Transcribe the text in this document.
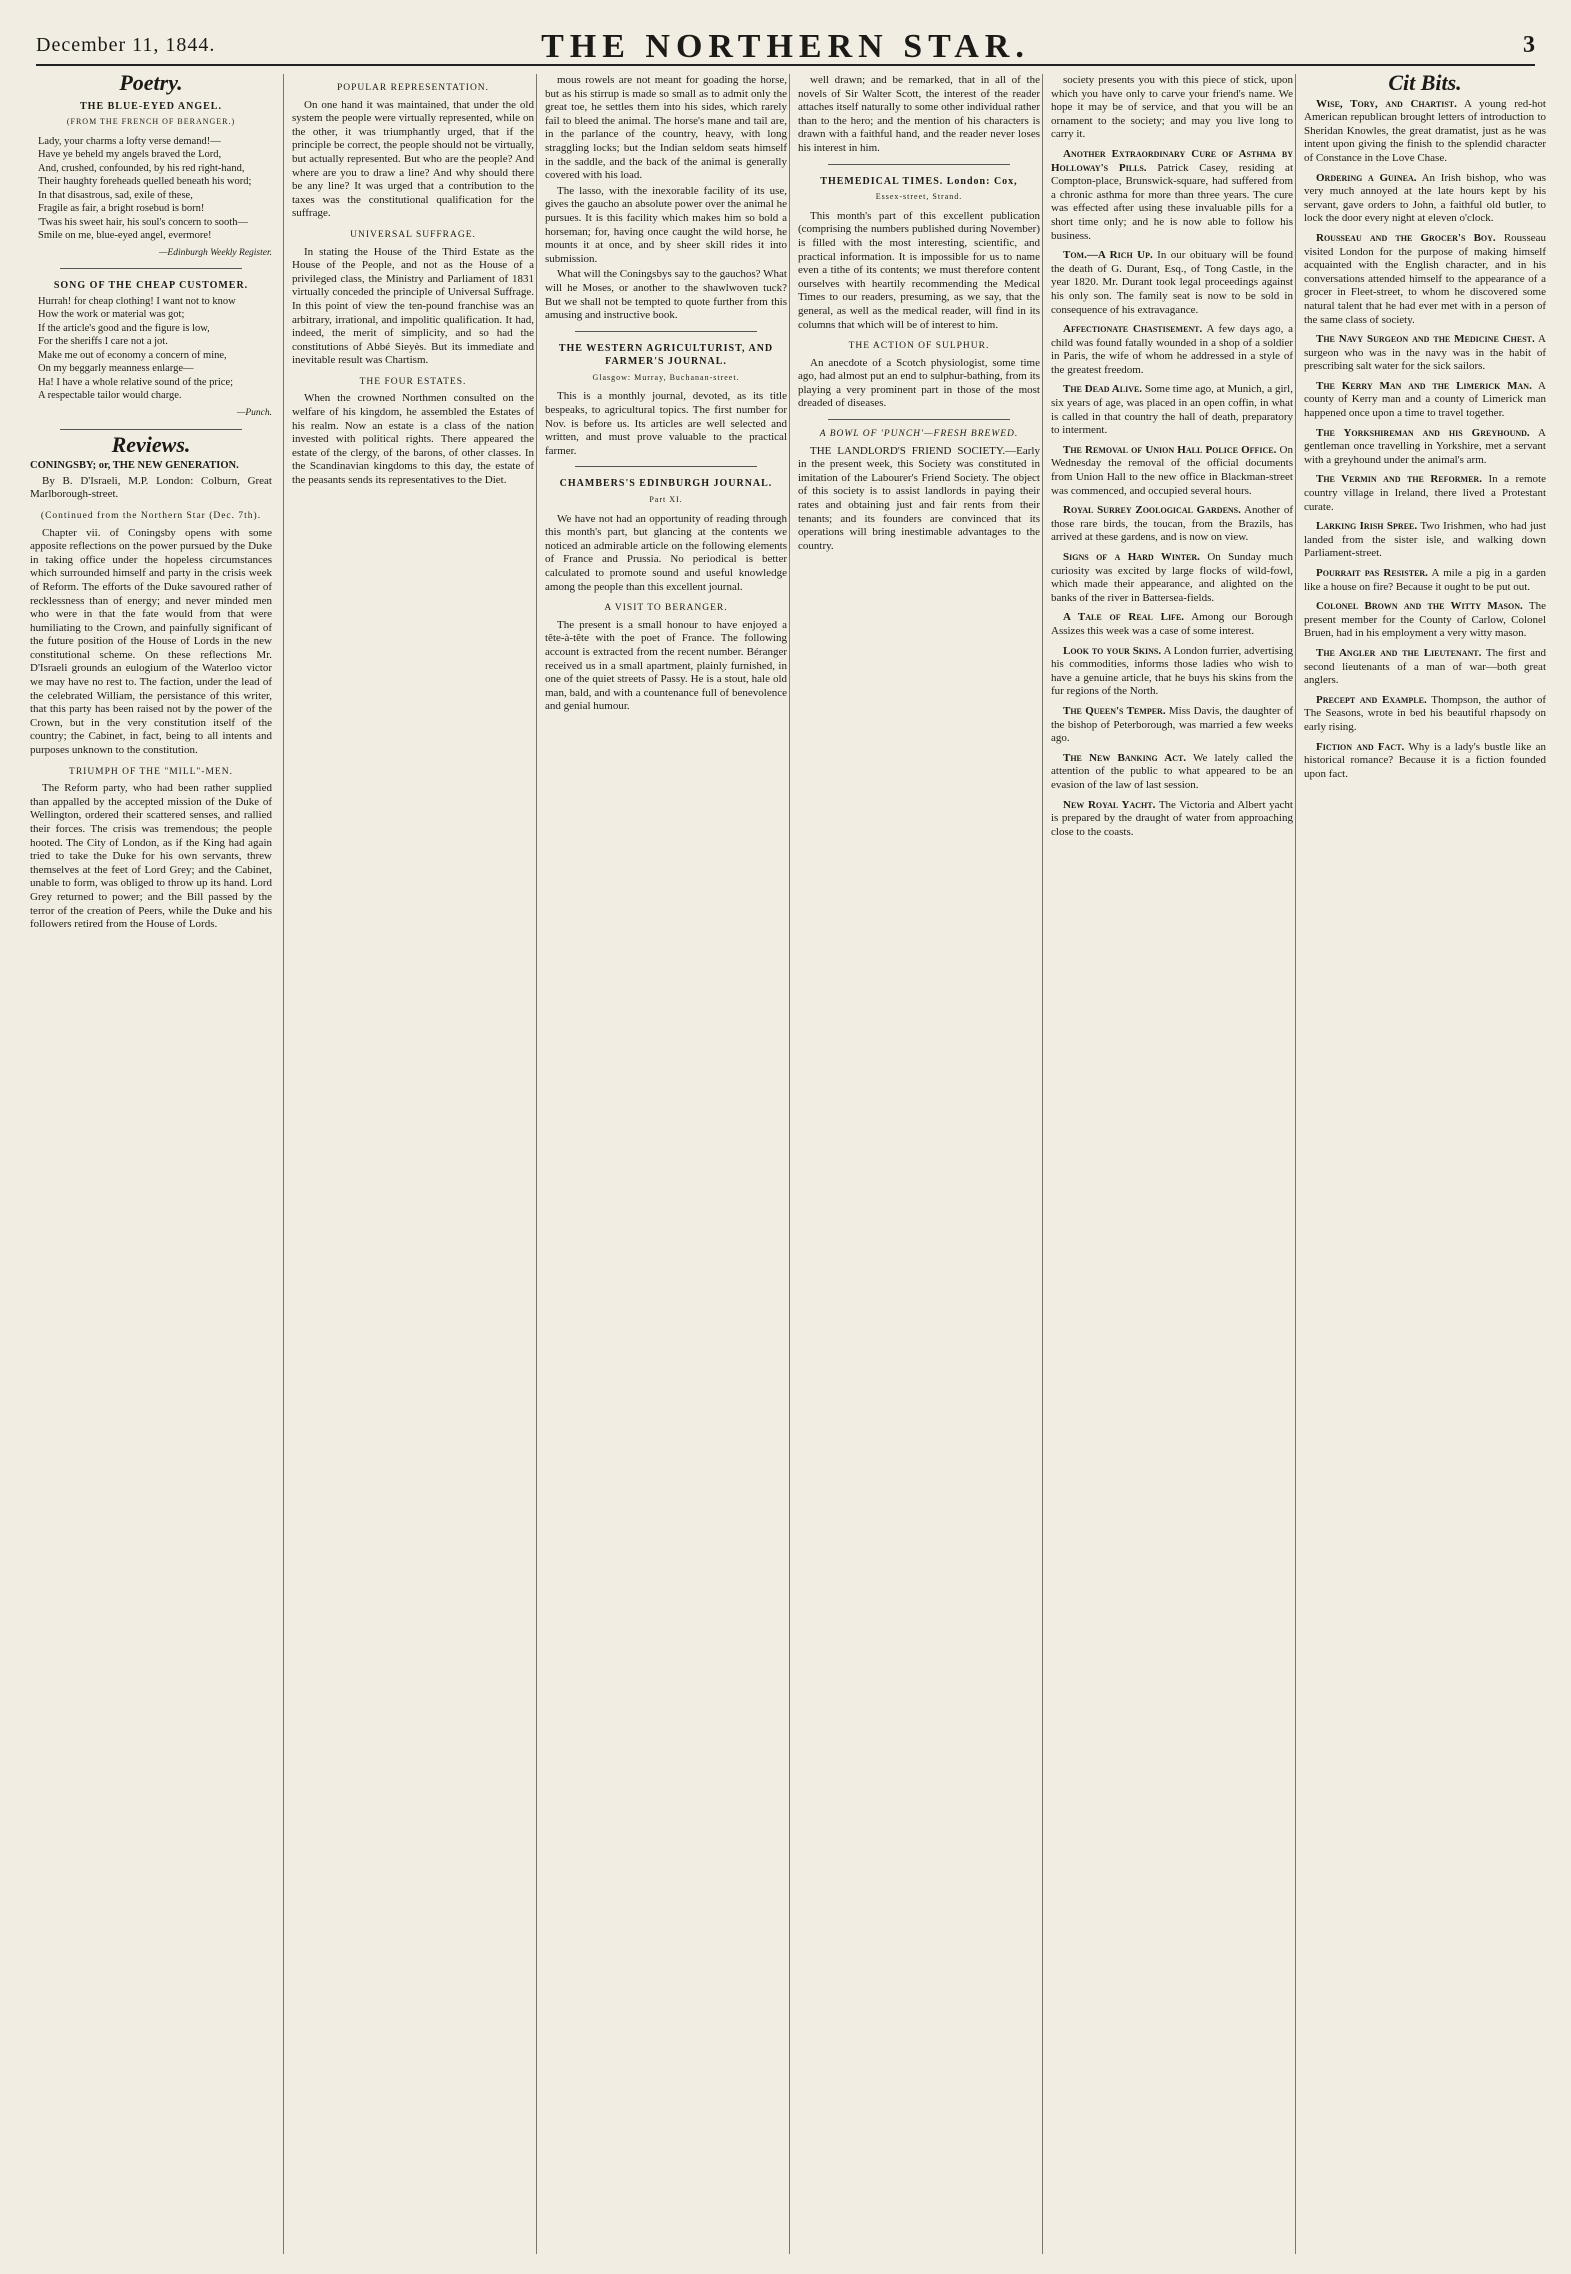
December 11, 1844.	THE NORTHERN STAR.	3
Poetry.
THE BLUE-EYED ANGEL.
(FROM THE FRENCH OF BERANGER.)

Lady, your charms a lofty verse demand!—

Have ye beheld my angels braved the Lord,

And, crushed, confounded, by his red right-hand,

Their haughty foreheads quelled beneath his word;

In that disastrous, sad, exile of these,

Fragile as fair, a bright rosebud is born!

'Twas his sweet hair, his soul's concern to sooth—

Smile on me, blue-eyed angel, evermore!

—Edinburgh Weekly Register.
SONG OF THE CHEAP CUSTOMER.

Hurrah! for cheap clothing! I want not to know

How the work or material was got;

If the article's good and the figure is low,

For the sheriffs I care not a jot.

Make me out of economy a concern of mine,

On my beggarly meanness enlarge—

Ha! I have a whole relative sound of the price;

A respectable tailor would charge.

—Punch.
Reviews.
CONINGSBY; or, THE NEW GENERATION.
By B. D'Israeli, M.P. London: Colburn, Great Marlborough-street.
(Continued from the Northern Star (Dec. 7th).
Chapter vii. of Coningsby opens with some apposite reflections on the power pursued by the Duke in taking office under the hopeless circumstances which surrounded himself and party in the crisis week of Reform. The efforts of the Duke savoured rather of recklessness than of energy; and never minded men who were in that the fate would from that were humiliating to the Crown, and painfully significant of the future position of the House of Lords in the new constitutional scheme. On these reflections Mr. D'Israeli grounds an eulogium of the Waterloo victor we may have no rest to. The faction, under the lead of the celebrated William, the persistance of this writer, that this party has been raised not by the power of the Crown, but in the very constitution itself of the country; the Cabinet, in fact, being to all intents and purposes unknown to the constitution.
TRIUMPH OF THE "MILL"-MEN.
The Reform party, who had been rather supplied than appalled by the accepted mission of the Duke of Wellington, ordered their scattered senses, and rallied their forces. The crisis was tremendous; the people hooted. The City of London, as if the King had again tried to take the Duke for his own servants, threw themselves at the feet of Lord Grey; and the Cabinet, unable to form, was obliged to throw up its hand. Lord Grey returned to power; and the Bill passed by the terror of the creation of Peers, while the Duke and his followers retired from the House of Lords.
POPULAR REPRESENTATION.
On one hand it was maintained, that under the old system the people were virtually represented, while on the other, it was triumphantly urged, that if the principle be correct, the people should not be virtually, but actually represented. But who are the people? And where are you to draw a line? And why should there be any line? It was urged that a contribution to the taxes was the constitutional qualification for the suffrage.
UNIVERSAL SUFFRAGE.
In stating the House of the Third Estate as the House of the People, and not as the House of a privileged class, the Ministry and Parliament of 1831 virtually conceded the principle of Universal Suffrage. In this point of view the ten-pound franchise was an arbitrary, irrational, and impolitic qualification. It had, indeed, the merit of simplicity, and so had the constitutions of Abbé Sieyès. But its immediate and inevitable result was Chartism.
THE FOUR ESTATES.
When the crowned Northmen consulted on the welfare of his kingdom, he assembled the Estates of his realm. Now an estate is a class of the nation invested with political rights. There appeared the estate of the clergy, of the barons, of other classes. In the Scandinavian kingdoms to this day, the estate of the peasants sends its representatives to the Diet.
mous rowels are not meant for goading the horse, but as his stirrup is made so small as to admit only the great toe, he settles them into his sides, which rarely fail to bleed the animal. The horse's mane and tail are, in the parlance of the country, heavy, with long straggling locks; but the Indian seldom seats himself in the saddle, and the back of the animal is generally covered with his load.
The lasso, with the inexorable facility of its use, gives the gaucho an absolute power over the animal he pursues. It is this facility which makes him so bold a horseman; for, having once caught the wild horse, he mounts it at once, and by sheer skill rides it into submission.
What will the Coningsbys say to the gauchos? What will he Moses, or another to the shawlwoven tuck? But we shall not be tempted to quote further from this amusing and instructive book.
THE WESTERN AGRICULTURIST, AND FARMER'S JOURNAL.
Glasgow: Murray, Buchanan-street.
This is a monthly journal, devoted, as its title bespeaks, to agricultural topics. The first number for Nov. is before us. Its articles are well selected and written, and must prove valuable to the practical farmer.
CHAMBERS'S EDINBURGH JOURNAL.
Part XI.
We have not had an opportunity of reading through this month's part, but glancing at the contents we noticed an admirable article on the following elements of France and Prussia. No periodical is better calculated to promote sound and useful knowledge among the people than this excellent journal.
A VISIT TO BERANGER.
The present is a small honour to have enjoyed a tête-à-tête with the poet of France. The following account is extracted from the recent number. Béranger received us in a small apartment, plainly furnished, in one of the quiet streets of Passy. He is a stout, hale old man, bald, and with a countenance full of benevolence and genial humour.
well drawn; and be remarked, that in all of the novels of Sir Walter Scott, the interest of the reader attaches itself naturally to some other individual rather than to the hero; and the mention of his characters is drawn with a faithful hand, and the reader never loses his interest in him.
THEMEDICAL TIMES. London: Cox,
Essex-street, Strand.
This month's part of this excellent publication (comprising the numbers published during November) is filled with the most interesting, scientific, and practical information. It is impossible for us to name even a tithe of its contents; we must therefore content ourselves with heartily recommending the Medical Times to our readers, presuming, as we say, that the general, as well as the medical reader, will find in its columns that which will be of interest to him.
THE ACTION OF SULPHUR.
An anecdote of a Scotch physiologist, some time ago, had almost put an end to sulphur-bathing, from its playing a very prominent part in those of the most dreaded of diseases.
A BOWL OF 'PUNCH'—FRESH BREWED.
THE LANDLORD'S FRIEND SOCIETY.—Early in the present week, this Society was constituted in imitation of the Labourer's Friend Society. The object of this society is to assist landlords in paying their rates and obtaining just and fair rents from their tenants; and its founders are convinced that its operations will bring inestimable advantages to the country.
society presents you with this piece of stick, upon which you have only to carve your friend's name. We hope it may be of service, and that you will be an ornament to the society; and may you live long to carry it.
Another Extraordinary Cure of Asthma by Holloway's Pills. Patrick Casey, residing at Compton-place, Brunswick-square, had suffered from a chronic asthma for more than three years. The cure was effected after using these invaluable pills for a short time only; and he is now able to follow his business.
Tom.—A Rich Up. In our obituary will be found the death of G. Durant, Esq., of Tong Castle, in the year 1820. Mr. Durant took legal proceedings against his only son. The family seat is now to be sold in consequence of his extravagance.
Affectionate Chastisement. A few days ago, a child was found fatally wounded in a shop of a soldier in Paris, the wife of whom he addressed in a style of the greatest freedom.
The Dead Alive. Some time ago, at Munich, a girl, six years of age, was placed in an open coffin, in what is called in that country the hall of death, preparatory to interment.
The Removal of Union Hall Police Office. On Wednesday the removal of the official documents from Union Hall to the new office in Blackman-street was commenced, and occupied several hours.
Royal Surrey Zoological Gardens. Another of those rare birds, the toucan, from the Brazils, has arrived at these gardens, and is now on view.
Signs of a Hard Winter. On Sunday much curiosity was excited by large flocks of wild-fowl, which made their appearance, and alighted on the banks of the river in Battersea-fields.
A Tale of Real Life. Among our Borough Assizes this week was a case of some interest.
Look to your Skins. A London furrier, advertising his commodities, informs those ladies who wish to have a genuine article, that he buys his skins from the fur regions of the North.
The Queen's Temper. Miss Davis, the daughter of the bishop of Peterborough, was married a few weeks ago.
The New Banking Act. We lately called the attention of the public to what appeared to be an evasion of the law of last session.
New Royal Yacht. The Victoria and Albert yacht is prepared by the draught of water from approaching close to the coasts.
Cit Bits.
Wise, Tory, and Chartist. A young red-hot American republican brought letters of introduction to Sheridan Knowles, the great dramatist, just as he was intent upon giving the finish to the splendid character of Constance in the Love Chase.
Ordering a Guinea. An Irish bishop, who was very much annoyed at the late hours kept by his servant, gave orders to John, a faithful old butler, to lock the door every night at eleven o'clock.
Rousseau and the Grocer's Boy. Rousseau visited London for the purpose of making himself acquainted with the English character, and in his conversations attended himself to the appearance of a grocer in Fleet-street, to whom he discovered some natural talent that he had ever met with in a person of the same class of society.
The Navy Surgeon and the Medicine Chest. A surgeon who was in the navy was in the habit of prescribing salt water for the sick sailors.
The Kerry Man and the Limerick Man. A county of Kerry man and a county of Limerick man happened once upon a time to travel together.
The Yorkshireman and his Greyhound. A gentleman once travelling in Yorkshire, met a servant with a greyhound under the animal's arm.
The Vermin and the Reformer. In a remote country village in Ireland, there lived a Protestant curate.
Larking Irish Spree. Two Irishmen, who had just landed from the sister isle, and walking down Parliament-street.
Pourrait pas Resister. A mile a pig in a garden like a house on fire? Because it ought to be put out.
Colonel Brown and the Witty Mason. The present member for the County of Carlow, Colonel Bruen, had in his employment a very witty mason.
The Angler and the Lieutenant. The first and second lieutenants of a man of war—both great anglers.
Precept and Example. Thompson, the author of The Seasons, wrote in bed his beautiful rhapsody on early rising.
Fiction and Fact. Why is a lady's bustle like an historical romance? Because it is a fiction founded upon fact.
